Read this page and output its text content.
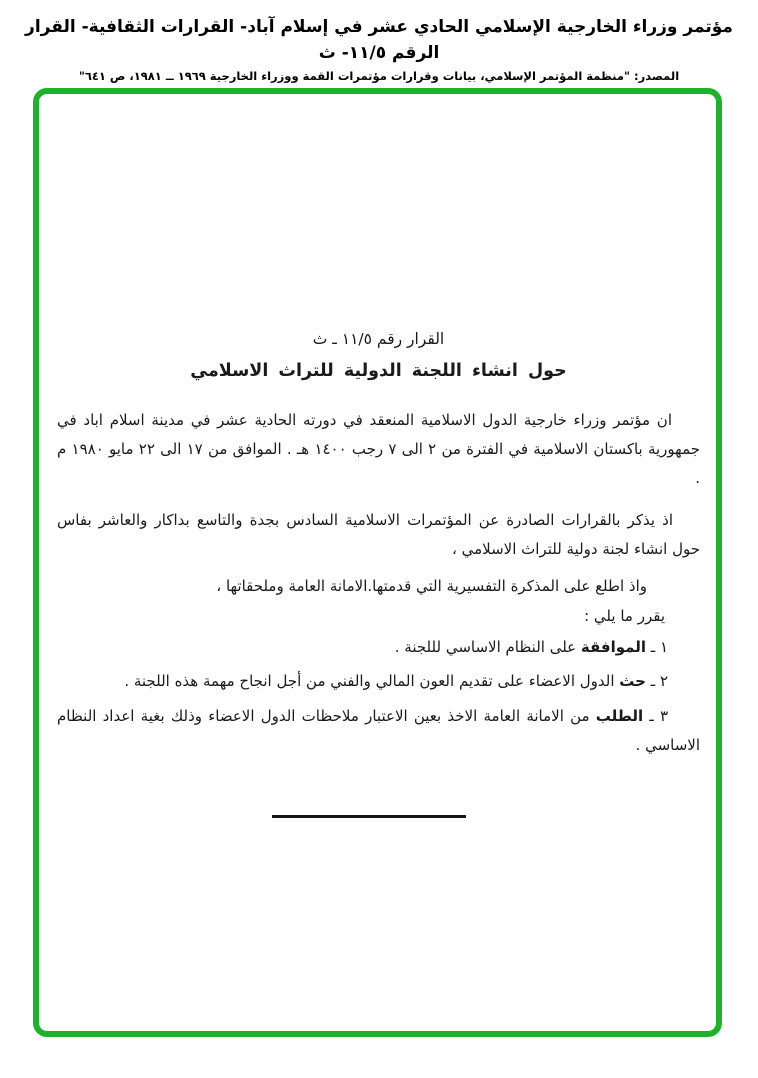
مؤتمر وزراء الخارجية الإسلامي الحادي عشر في إسلام آباد- القرارات الثقافية- القرار الرقم ١١/٥- ث
المصدر: "منظمة المؤتمر الإسلامي، بيانات وقرارات مؤتمرات القمة ووزراء الخارجية ١٩٦٩ ــ ١٩٨١، ص ٦٤١"
القرار رقم ١١/٥ ـ ث
حول انشاء اللجنة الدولية للتراث الاسلامي
ان مؤتمر وزراء خارجية الدول الاسلامية المنعقد في دورته الحادية عشر في مدينة اسلام اباد في جمهورية باكستان الاسلامية في الفترة من ٢ الى ٧ رجب ١٤٠٠ هـ . الموافق من ١٧ الى ٢٢ مايو ١٩٨٠ م .
اذ يذكر بالقرارات الصادرة عن المؤتمرات الاسلامية السادس بجدة والتاسع بداكار والعاشر بفاس حول انشاء لجنة دولية للتراث الاسلامي ،
واذ اطلع على المذكرة التفسيرية التي قدمتها.الامانة العامة وملحقاتها ،
يقرر ما يلي :
١ ـ الموافقة على النظام الاساسي لللجنة .
٢ ـ حث الدول الاعضاء على تقديم العون المالي والفني من أجل انجاح مهمة هذه اللجنة .
٣ ـ الطلب من الامانة العامة الاخذ بعين الاعتبار ملاحظات الدول الاعضاء وذلك بغية اعداد النظام الاساسي .
